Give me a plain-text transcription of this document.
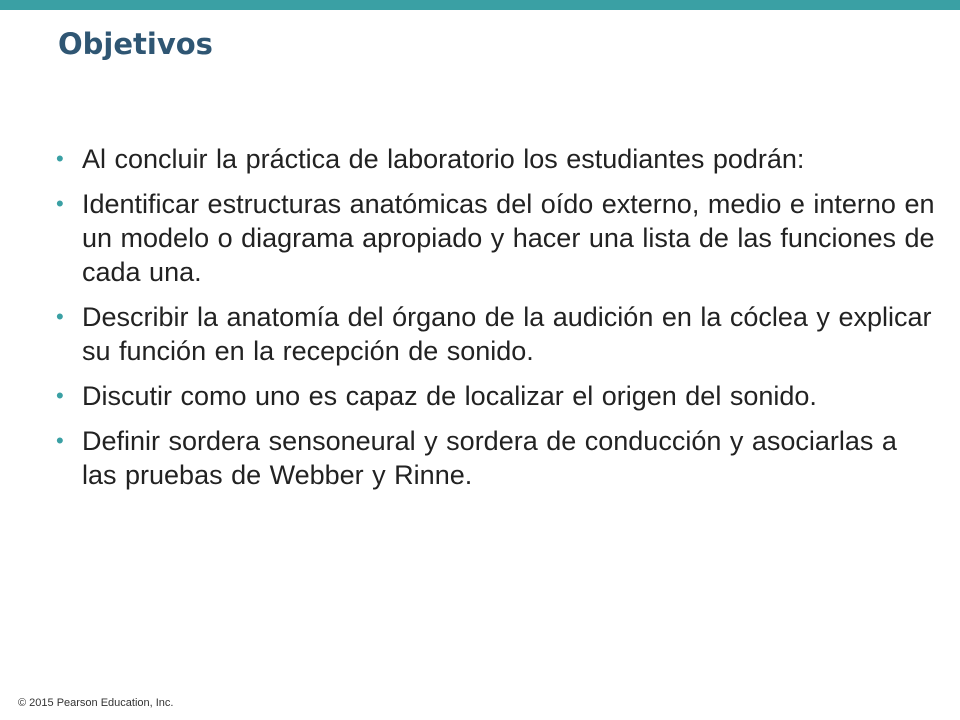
Objetivos
• Al concluir la práctica de laboratorio los estudiantes podrán:
• Identificar estructuras anatómicas del oído externo, medio e interno en un modelo o diagrama apropiado y hacer una lista de las funciones de cada una.
• Describir la anatomía del órgano de la audición en la cóclea y explicar su función en la recepción de sonido.
• Discutir como uno es capaz de localizar el origen del sonido.
• Definir sordera sensoneural y sordera de conducción y asociarlas a las pruebas de Webber y Rinne.
© 2015 Pearson Education, Inc.
